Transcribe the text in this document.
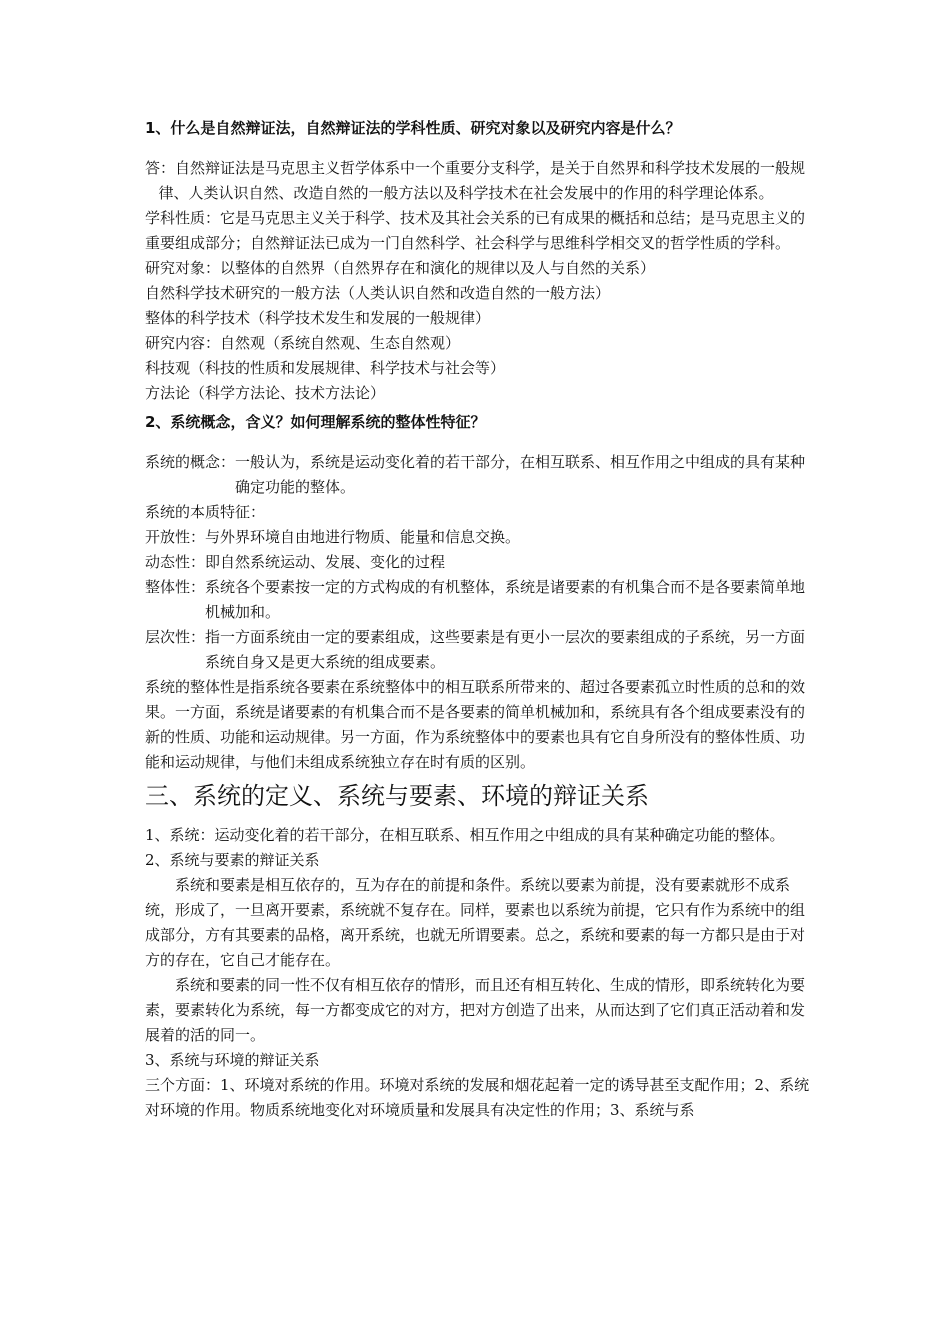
1、什么是自然辩证法，自然辩证法的学科性质、研究对象以及研究内容是什么？

答：自然辩证法是马克思主义哲学体系中一个重要分支科学，是关于自然界和科学技术发展的一般规律、人类认识自然、改造自然的一般方法以及科学技术在社会发展中的作用的科学理论体系。

学科性质：它是马克思主义关于科学、技术及其社会关系的已有成果的概括和总结；是马克思主义的重要组成部分；自然辩证法已成为一门自然科学、社会科学与思维科学相交叉的哲学性质的学科。

研究对象：以整体的自然界（自然界存在和演化的规律以及人与自然的关系）

自然科学技术研究的一般方法（人类认识自然和改造自然的一般方法）

整体的科学技术（科学技术发生和发展的一般规律）

研究内容：自然观（系统自然观、生态自然观）

科技观（科技的性质和发展规律、科学技术与社会等）

方法论（科学方法论、技术方法论）

2、系统概念，含义？如何理解系统的整体性特征？
系统的概念： 一般认为，系统是运动变化着的若干部分，在相互联系、相互作用之中组成的具有某种确定功能的整体。

系统的本质特征：

开放性： 与外界环境自由地进行物质、能量和信息交换。
动态性： 即自然系统运动、发展、变化的过程
整体性： 系统各个要素按一定的方式构成的有机整体，系统是诸要素的有机集合而不是各要素简单地机械加和。
层次性： 指一方面系统由一定的要素组成，这些要素是有更小一层次的要素组成的子系统，另一方面系统自身又是更大系统的组成要素。

系统的整体性是指系统各要素在系统整体中的相互联系所带来的、超过各要素孤立时性质的总和的效果。一方面，系统是诸要素的有机集合而不是各要素的简单机械加和，系统具有各个组成要素没有的新的性质、功能和运动规律。另一方面，作为系统整体中的要素也具有它自身所没有的整体性质、功能和运动规律，与他们未组成系统独立存在时有质的区别。

三、系统的定义、系统与要素、环境的辩证关系

1、系统：运动变化着的若干部分，在相互联系、相互作用之中组成的具有某种确定功能的整体。

2、系统与要素的辩证关系

系统和要素是相互依存的，互为存在的前提和条件。系统以要素为前提，没有要素就形不成系统，形成了，一旦离开要素，系统就不复存在。同样，要素也以系统为前提，它只有作为系统中的组成部分，方有其要素的品格，离开系统，也就无所谓要素。总之，系统和要素的每一方都只是由于对方的存在，它自己才能存在。

系统和要素的同一性不仅有相互依存的情形，而且还有相互转化、生成的情形，即系统转化为要素，要素转化为系统，每一方都变成它的对方，把对方创造了出来，从而达到了它们真正活动着和发展着的活的同一。

3、系统与环境的辩证关系

三个方面：1、环境对系统的作用。环境对系统的发展和烟花起着一定的诱导甚至支配作用；2、系统对环境的作用。物质系统地变化对环境质量和发展具有决定性的作用；3、系统与系
